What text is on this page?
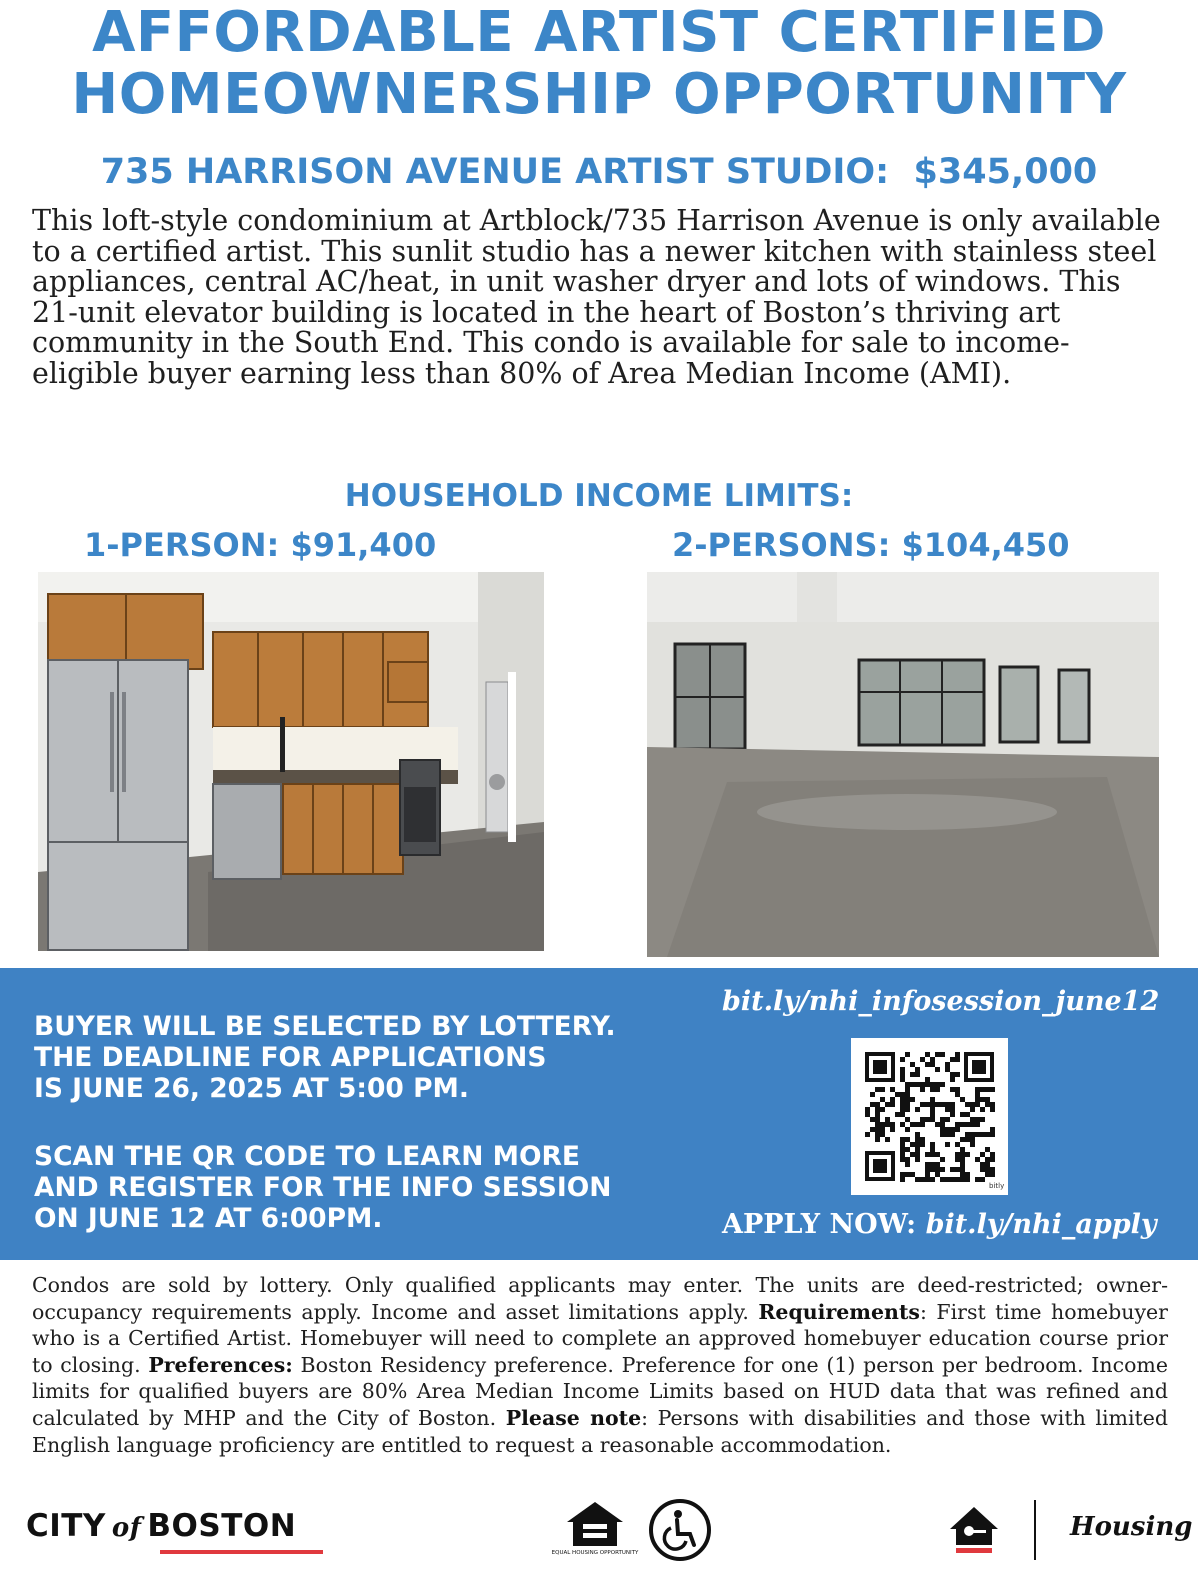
AFFORDABLE ARTIST CERTIFIED
HOMEOWNERSHIP OPPORTUNITY
735 HARRISON AVENUE ARTIST STUDIO:  $345,000
This loft-style condominium at Artblock/735 Harrison Avenue is only available to a certified artist. This sunlit studio has a newer kitchen with stainless steel appliances, central AC/heat, in unit washer dryer and lots of windows. This 21-unit elevator building is located in the heart of Boston’s thriving art community in the South End. This condo is available for sale to income-eligible buyer earning less than 80% of Area Median Income (AMI).
HOUSEHOLD INCOME LIMITS:
1-PERSON: $91,400	2-PERSONS: $104,450
BUYER WILL BE SELECTED BY LOTTERY.
THE DEADLINE FOR APPLICATIONS
IS JUNE 26, 2025 AT 5:00 PM.
SCAN THE QR CODE TO LEARN MORE
AND REGISTER FOR THE INFO SESSION
ON JUNE 12 AT 6:00PM.
bit.ly/nhi_infosession_june12
bitly
APPLY NOW: bit.ly/nhi_apply
Condos are sold by lottery. Only qualified applicants may enter. The units are deed-restricted; owner-occupancy requirements apply. Income and asset limitations apply. Requirements: First time homebuyer who is a Certified Artist. Homebuyer will need to complete an approved homebuyer education course prior to closing. Preferences: Boston Residency preference. Preference for one (1) person per bedroom. Income limits for qualified buyers are 80% Area Median Income Limits based on HUD data that was refined and calculated by MHP and the City of Boston. Please note: Persons with disabilities and those with limited English language proficiency are entitled to request a reasonable accommodation.
CITY of BOSTON
EQUAL HOUSING OPPORTUNITY
Housing
